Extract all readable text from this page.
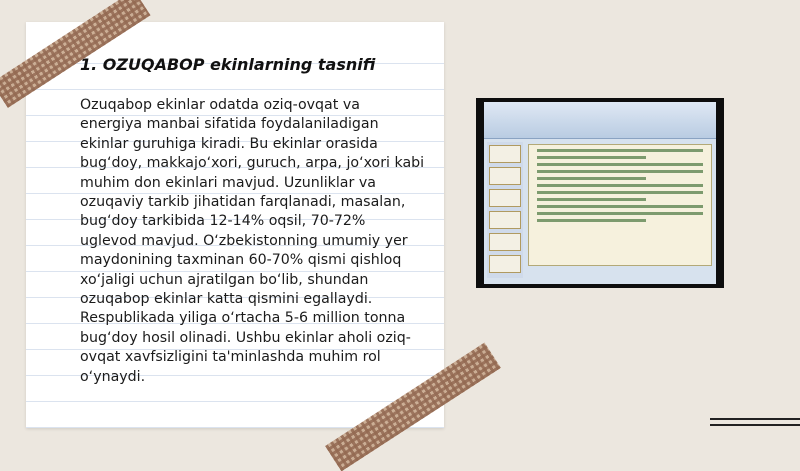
1. OZUQABOP ekinlarning tasnifi
Ozuqabop ekinlar odatda oziq-ovqat va energiya manbai sifatida foydalaniladigan ekinlar guruhiga kiradi. Bu ekinlar orasida bug‘doy, makkajo‘xori, guruch, arpa, jo‘xori kabi muhim don ekinlari mavjud. Uzunliklar va ozuqaviy tarkib jihatidan farqlanadi, masalan, bug‘doy tarkibida 12-14% oqsil, 70-72% uglevod mavjud. O‘zbekistonning umumiy yer maydonining taxminan 60-70% qismi qishloq xo‘jaligi uchun ajratilgan bo‘lib, shundan ozuqabop ekinlar katta qismini egallaydi. Respublikada yiliga o‘rtacha 5-6 million tonna bug‘doy hosil olinadi. Ushbu ekinlar aholi oziq-ovqat xavfsizligini ta'minlashda muhim rol o‘ynaydi.
